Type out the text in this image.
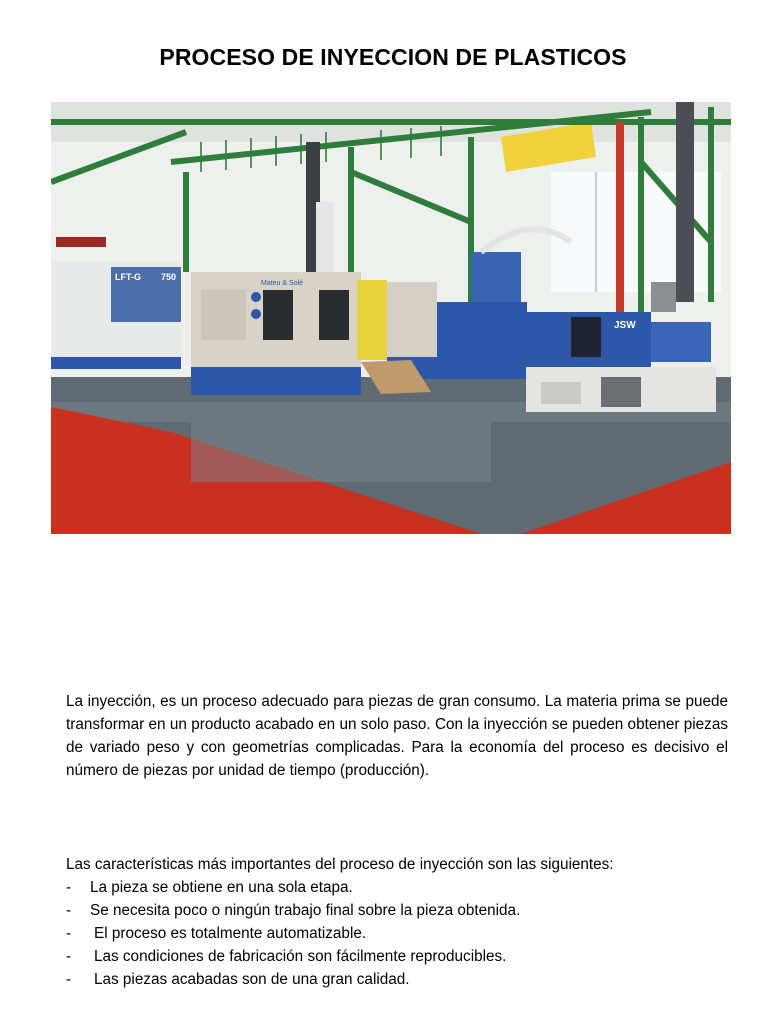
PROCESO DE INYECCION DE PLASTICOS
LFT-G 750
Mateu & Solé
JSW
La inyección, es un proceso adecuado para piezas de gran consumo. La materia prima se puede transformar en un producto acabado en un solo paso. Con la inyección se pueden obtener piezas de variado peso y con geometrías complicadas. Para la economía del proceso es decisivo el número de piezas por unidad de tiempo (producción).

Las características más importantes del proceso de inyección son las siguientes:

-	La pieza se obtiene en una sola etapa.
-	Se necesita poco o ningún trabajo final sobre la pieza obtenida.
-	El proceso es totalmente automatizable.
-	Las condiciones de fabricación son fácilmente reproducibles.
-	Las piezas acabadas son de una gran calidad.
